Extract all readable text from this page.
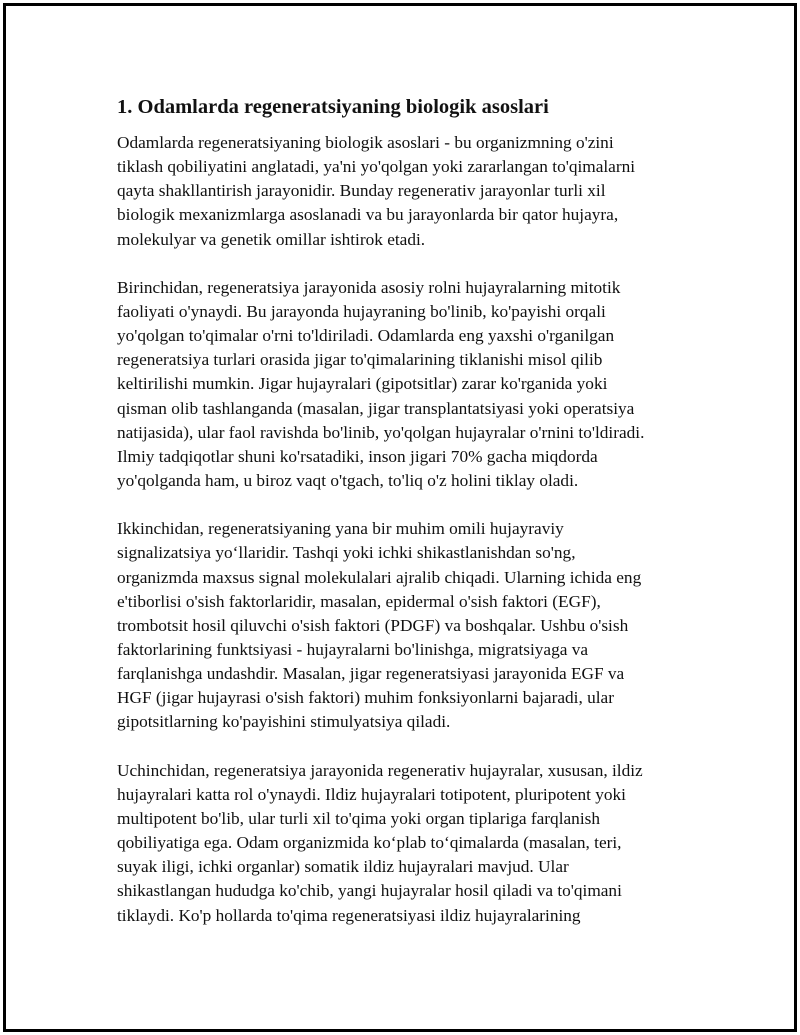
1. Odamlarda regeneratsiyaning biologik asoslari

Odamlarda regeneratsiyaning biologik asoslari - bu organizmning o'zini
tiklash qobiliyatini anglatadi, ya'ni yo'qolgan yoki zararlangan to'qimalarni
qayta shakllantirish jarayonidir. Bunday regenerativ jarayonlar turli xil
biologik mexanizmlarga asoslanadi va bu jarayonlarda bir qator hujayra,
molekulyar va genetik omillar ishtirok etadi.

Birinchidan, regeneratsiya jarayonida asosiy rolni hujayralarning mitotik
faoliyati o'ynaydi. Bu jarayonda hujayraning bo'linib, ko'payishi orqali
yo'qolgan to'qimalar o'rni to'ldiriladi. Odamlarda eng yaxshi o'rganilgan
regeneratsiya turlari orasida jigar to'qimalarining tiklanishi misol qilib
keltirilishi mumkin. Jigar hujayralari (gipotsitlar) zarar ko'rganida yoki
qisman olib tashlanganda (masalan, jigar transplantatsiyasi yoki operatsiya
natijasida), ular faol ravishda bo'linib, yo'qolgan hujayralar o'rnini to'ldiradi.
Ilmiy tadqiqotlar shuni ko'rsatadiki, inson jigari 70% gacha miqdorda
yo'qolganda ham, u biroz vaqt o'tgach, to'liq o'z holini tiklay oladi.

Ikkinchidan, regeneratsiyaning yana bir muhim omili hujayraviy
signalizatsiya yo‘llaridir. Tashqi yoki ichki shikastlanishdan so'ng,
organizmda maxsus signal molekulalari ajralib chiqadi. Ularning ichida eng
e'tiborlisi o'sish faktorlaridir, masalan, epidermal o'sish faktori (EGF),
trombotsit hosil qiluvchi o'sish faktori (PDGF) va boshqalar. Ushbu o'sish
faktorlarining funktsiyasi - hujayralarni bo'linishga, migratsiyaga va
farqlanishga undashdir. Masalan, jigar regeneratsiyasi jarayonida EGF va
HGF (jigar hujayrasi o'sish faktori) muhim fonksiyonlarni bajaradi, ular
gipotsitlarning ko'payishini stimulyatsiya qiladi.

Uchinchidan, regeneratsiya jarayonida regenerativ hujayralar, xususan, ildiz
hujayralari katta rol o'ynaydi. Ildiz hujayralari totipotent, pluripotent yoki
multipotent bo'lib, ular turli xil to'qima yoki organ tiplariga farqlanish
qobiliyatiga ega. Odam organizmida ko‘plab to‘qimalarda (masalan, teri,
suyak iligi, ichki organlar) somatik ildiz hujayralari mavjud. Ular
shikastlangan hududga ko'chib, yangi hujayralar hosil qiladi va to'qimani
tiklaydi. Ko'p hollarda to'qima regeneratsiyasi ildiz hujayralarining
